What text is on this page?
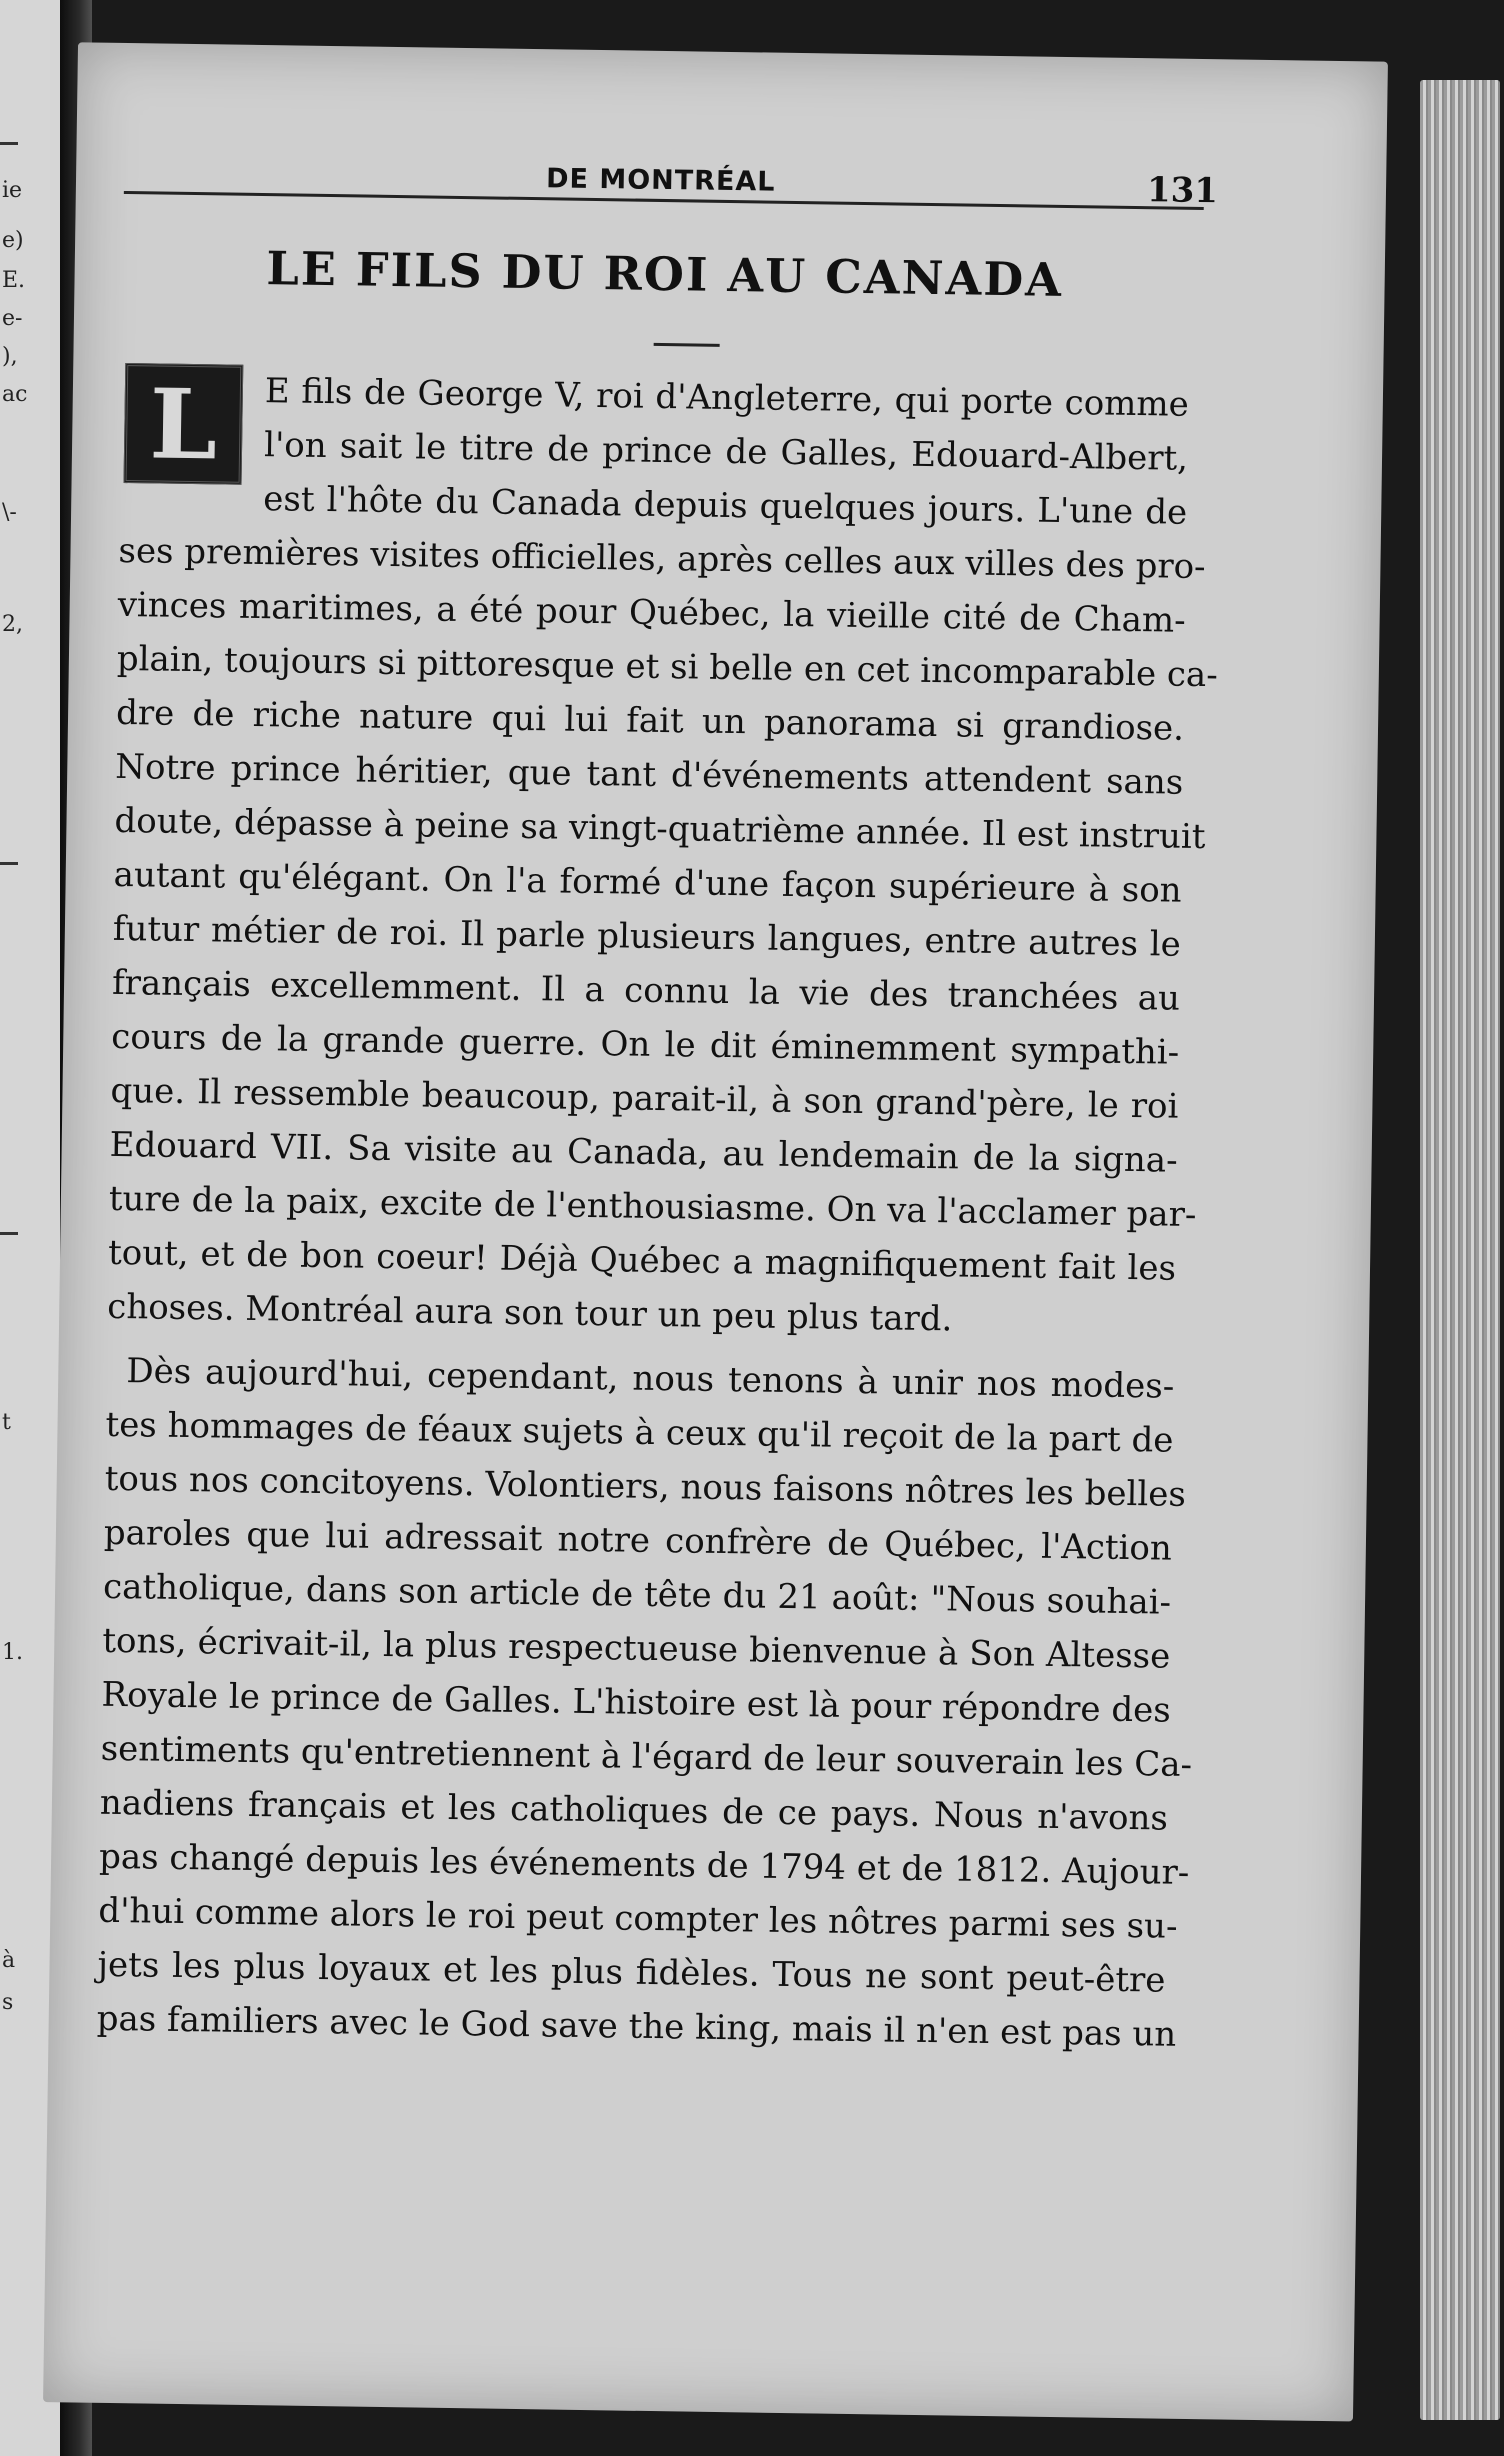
ie
e)
E.
e-
),
ac
\-
2,
t
1.
à
s
DE MONTRÉAL	131
LE FILS DU ROI AU CANADA
L	E fils de George V, roi d'Angleterre, qui porte comme
l'on sait le titre de prince de Galles, Edouard-Albert,
est l'hôte du Canada depuis quelques jours. L'une de
ses premières visites officielles, après celles aux villes des pro-
vinces maritimes, a été pour Québec, la vieille cité de Cham-
plain, toujours si pittoresque et si belle en cet incomparable ca-
dre de riche nature qui lui fait un panorama si grandiose.
Notre prince héritier, que tant d'événements attendent sans
doute, dépasse à peine sa vingt-quatrième année. Il est instruit
autant qu'élégant. On l'a formé d'une façon supérieure à son
futur métier de roi. Il parle plusieurs langues, entre autres le
français excellemment. Il a connu la vie des tranchées au
cours de la grande guerre. On le dit éminemment sympathi-
que. Il ressemble beaucoup, parait-il, à son grand'père, le roi
Edouard VII. Sa visite au Canada, au lendemain de la signa-
ture de la paix, excite de l'enthousiasme. On va l'acclamer par-
tout, et de bon coeur! Déjà Québec a magnifiquement fait les
choses. Montréal aura son tour un peu plus tard.
Dès aujourd'hui, cependant, nous tenons à unir nos modes-
tes hommages de féaux sujets à ceux qu'il reçoit de la part de
tous nos concitoyens. Volontiers, nous faisons nôtres les belles
paroles que lui adressait notre confrère de Québec, l'Action
catholique, dans son article de tête du 21 août: "Nous souhai-
tons, écrivait-il, la plus respectueuse bienvenue à Son Altesse
Royale le prince de Galles. L'histoire est là pour répondre des
sentiments qu'entretiennent à l'égard de leur souverain les Ca-
nadiens français et les catholiques de ce pays. Nous n'avons
pas changé depuis les événements de 1794 et de 1812. Aujour-
d'hui comme alors le roi peut compter les nôtres parmi ses su-
jets les plus loyaux et les plus fidèles. Tous ne sont peut-être
pas familiers avec le God save the king, mais il n'en est pas un
